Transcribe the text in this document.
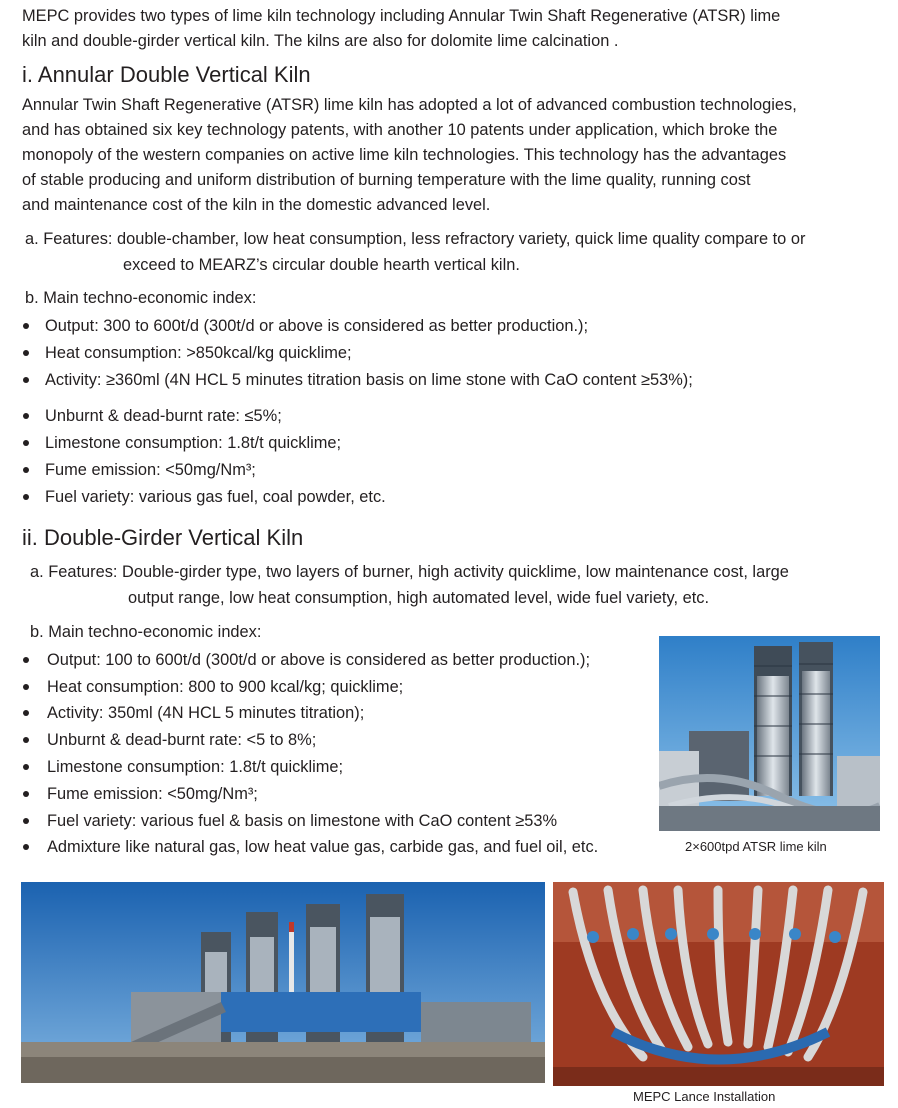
MEPC provides two types of lime kiln technology including Annular Twin Shaft Regenerative (ATSR) lime
kiln and double-girder vertical kiln. The kilns are also for dolomite lime calcination .
i. Annular Double Vertical Kiln
Annular Twin Shaft Regenerative (ATSR) lime kiln has adopted a lot of advanced combustion technologies,
and has obtained six key technology patents, with another 10 patents under application, which broke the
monopoly of the western companies on active lime kiln technologies. This technology has the advantages
of stable producing and uniform distribution of burning temperature with the lime quality, running cost
and maintenance cost of the kiln in the domestic advanced level.
a. Features: double-chamber, low heat consumption, less refractory variety, quick lime quality compare to or
exceed to MEARZ’s circular double hearth vertical kiln.
b. Main techno-economic index:
Output: 300 to 600t/d (300t/d or above is considered as better production.);
Heat consumption: >850kcal/kg quicklime;
Activity: ≥360ml (4N HCL 5 minutes titration basis on lime stone with CaO content ≥53%);
Unburnt & dead-burnt rate: ≤5%;
Limestone consumption: 1.8t/t quicklime;
Fume emission: <50mg/Nm³;
Fuel variety: various gas fuel, coal powder, etc.
ii. Double-Girder Vertical Kiln
a. Features: Double-girder type, two layers of burner, high activity quicklime, low maintenance cost, large
output range, low heat consumption, high automated level, wide fuel variety, etc.
b. Main techno-economic index:
Output: 100 to 600t/d (300t/d or above is considered as better production.);
Heat consumption: 800 to 900 kcal/kg; quicklime;
Activity: 350ml (4N HCL 5 minutes titration);
Unburnt & dead-burnt rate: <5 to 8%;
Limestone consumption: 1.8t/t quicklime;
Fume emission: <50mg/Nm³;
Fuel variety: various fuel & basis on limestone with CaO content ≥53%
Admixture like natural gas, low heat value gas, carbide gas, and fuel oil, etc.	2×600tpd ATSR lime kiln
MEPC Lance Installation
